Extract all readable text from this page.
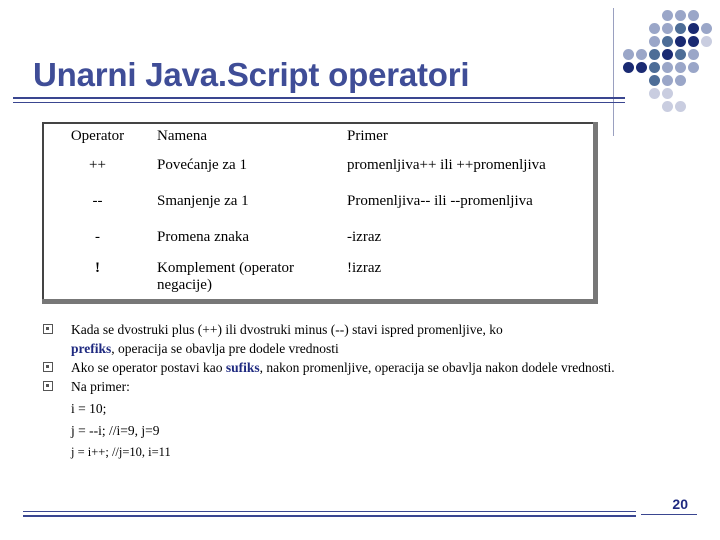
Unarni Java.Script operatori
Operator	Namena	Primer
++	Povećanje za 1	promenljiva++ ili ++promenljiva
--	Smanjenje za 1	Promenljiva-- ili --promenljiva
-	Promena znaka	-izraz
!	Komplement (operator negacije)	!izraz
Kada se dvostruki plus (++) ili dvostruki minus (--) stavi ispred promenljive, ko
prefiks, operacija se obavlja pre dodele vrednosti
Ako se operator postavi kao sufiks, nakon promenljive, operacija se obavlja nakon dodele vrednosti.
Na primer:
i = 10;
j = --i; //i=9, j=9
j = i++; //j=10, i=11
20
